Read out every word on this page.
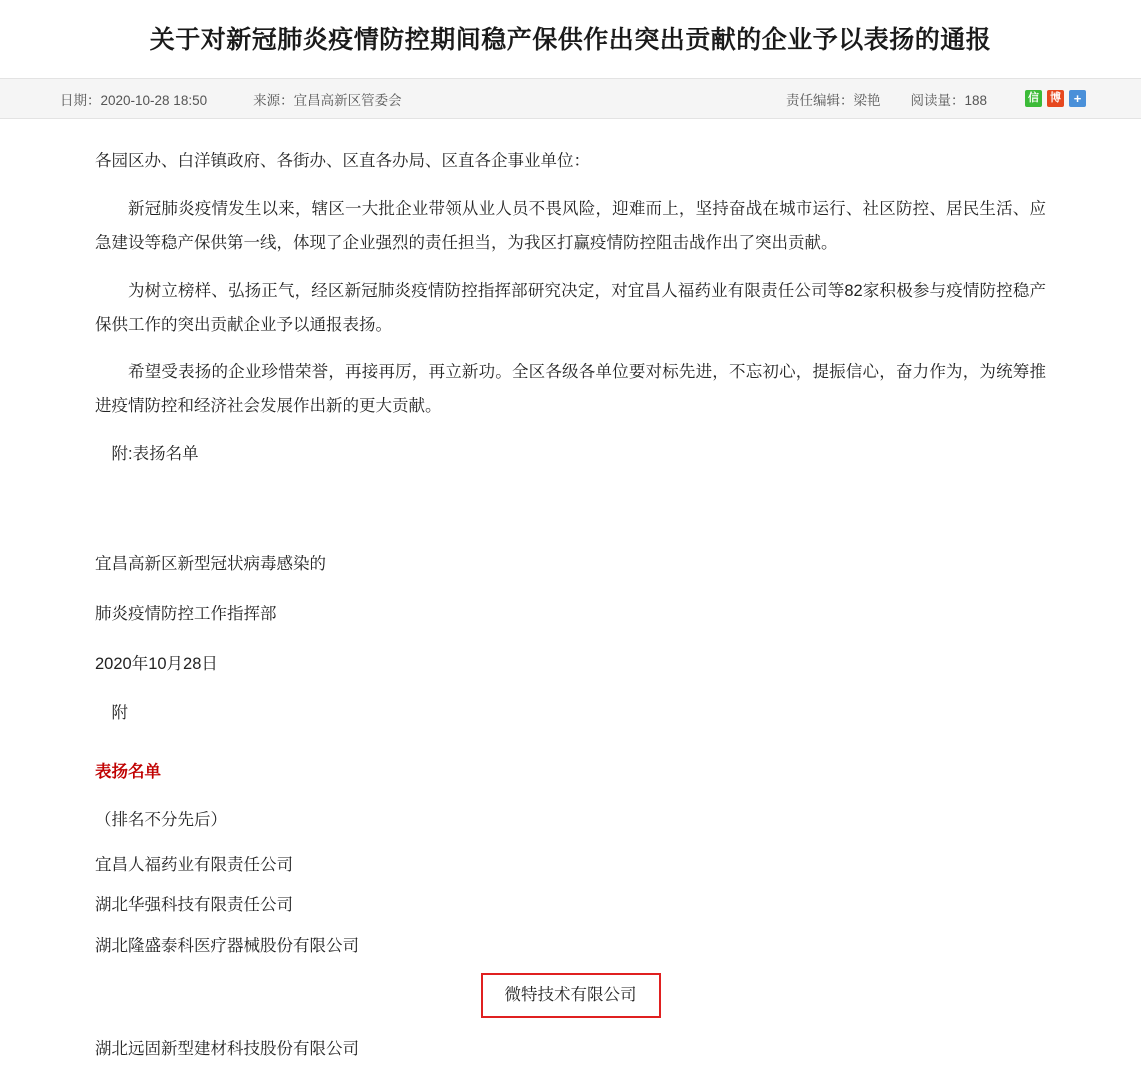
关于对新冠肺炎疫情防控期间稳产保供作出突出贡献的企业予以表扬的通报
日期：2020-10-28 18:50	来源：宜昌高新区管委会	责任编辑：梁艳 阅读量：188	信 博 +

各园区办、白洋镇政府、各街办、区直各办局、区直各企事业单位：

新冠肺炎疫情发生以来，辖区一大批企业带领从业人员不畏风险，迎难而上，坚持奋战在城市运行、社区防控、居民生活、应急建设等稳产保供第一线，体现了企业强烈的责任担当，为我区打赢疫情防控阻击战作出了突出贡献。

为树立榜样、弘扬正气，经区新冠肺炎疫情防控指挥部研究决定，对宜昌人福药业有限责任公司等82家积极参与疫情防控稳产保供工作的突出贡献企业予以通报表扬。

希望受表扬的企业珍惜荣誉，再接再厉，再立新功。全区各级各单位要对标先进，不忘初心，提振信心，奋力作为，为统筹推进疫情防控和经济社会发展作出新的更大贡献。

附:表扬名单

宜昌高新区新型冠状病毒感染的

肺炎疫情防控工作指挥部

2020年10月28日

附

表扬名单

（排名不分先后）

宜昌人福药业有限责任公司

湖北华强科技有限责任公司

湖北隆盛泰科医疗器械股份有限公司

微特技术有限公司

湖北远固新型建材科技股份有限公司
